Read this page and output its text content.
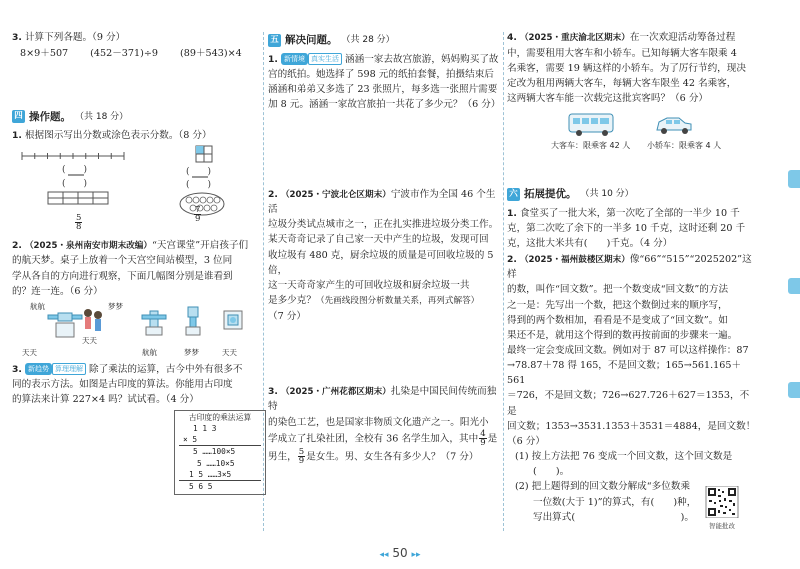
3. 计算下列各题。（9 分）

8×9＋507 (452－371)÷9 (89＋543)×4
四 操作题。 （共 18 分）

1. 根据图示写出分数或涂色表示分数。（8 分）

(　　)
(　　)
(　　)
(　　)
$\frac{5}{8}$	$\frac{7}{9}$

2. （2025・泉州南安市期末改编）“天宫课堂”开启孩子们

的航天梦。桌子上放着一个天宫空间站模型，3 位同

学从各自的方向进行观察，下面几幅图分别是谁看到

的？连一连。（6 分）

航航	梦梦
天天
天天	航航	梦梦	天天

3. 新趋势 算理理解 除了乘法的运算，古今中外有很多不

同的表示方法。如图是古印度的算法。你能用古印度

的算法来计算 227×4 吗？试试看。（4 分）

古印度的乘法运算
1 1 3
× 5
5 ……100×5
5 ……10×5
1 5 ……3×5
5 6 5
五 解决问题。 （共 28 分）

1. 新情境 真实生活 涵涵一家去故宫旅游，妈妈购买了故

宫的纸拍。她选择了 598 元的纸拍套餐，拍摄结束后

涵涵和弟弟又多选了 23 张照片，每多选一张照片需要

加 8 元。涵涵一家故宫旅拍一共花了多少元？（6 分）

2. （2025・宁波北仑区期末）宁波市作为全国 46 个生活

垃圾分类试点城市之一，正在扎实推进垃圾分类工作。

某天奇奇记录了自己家一天中产生的垃圾，发现可回

收垃圾有 480 克，厨余垃圾的质量是可回收垃圾的 5 倍，

这一天奇奇家产生的可回收垃圾和厨余垃圾一共

是多少克？（先画线段图分析数量关系，再列式解答）

（7 分）

3. （2025・广州花都区期末）扎染是中国民间传统而独特

的染色工艺，也是国家非物质文化遗产之一。阳光小

学成立了扎染社团，全校有 36 名学生加入，其中 $\frac{4}{9}$ 是

男生， $\frac{5}{9}$ 是女生。男、女生各有多少人？（7 分）

4. （2025・重庆渝北区期末）在一次欢迎活动筹备过程

中，需要租用大客车和小轿车。已知每辆大客车限乘 4

名乘客，需要 19 辆这样的小轿车。为了厉行节约，现决

定改为租用两辆大客车，每辆大客车限坐 42 名乘客，

这两辆大客车能一次载完这批宾客吗？（6 分）

大客车：限乘客 42 人 小轿车：限乘客 4 人
六 拓展提优。 （共 10 分）

1. 食堂买了一批大米，第一次吃了全部的一半少 10 千

克，第二次吃了余下的一半多 10 千克，这时还剩 20 千

克，这批大米共有(　　)千克。（4 分）

2. （2025・福州鼓楼区期末）像“66”“515”“2025202”这样

的数，叫作“回文数”。把一个数变成“回文数”的方法

之一是：先写出一个数，把这个数倒过来的顺序写，

得到的两个数相加，看看是不是变成了“回文数”。如

果还不是，就用这个得到的数再按前面的步骤来一遍。

最终一定会变成回文数。例如对于 87 可以这样操作：87

→78.87＋78 得 165，不是回文数；165→561.165＋561

＝726，不是回文数；726→627.726＋627＝1353，不是

回文数；1353→3531.1353＋3531＝4884，是回文数！

（6 分）

(1) 按上方法把 76 变成一个回文数，这个回文数是

(　　)。

(2) 把上题得到的回文数分解成“多位数乘

一位数(大于 1)”的算式，有(　　)种，

写出算式(　　　　　　　　　　　)。

智能批改
◂◂ 50 ▸▸
